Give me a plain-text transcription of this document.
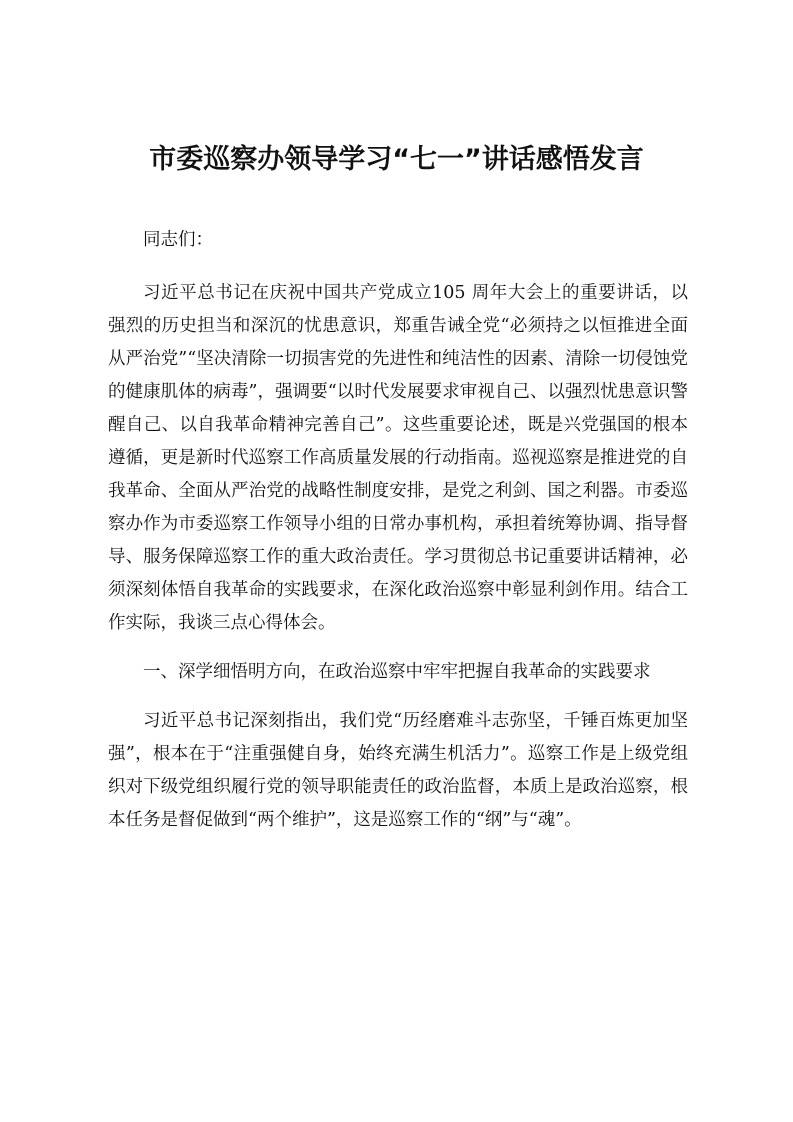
市委巡察办领导学习“七一”讲话感悟发言

同志们：

习近平总书记在庆祝中国共产党成立105 周年大会上的重要讲话，以强烈的历史担当和深沉的忧患意识，郑重告诫全党“必须持之以恒推进全面从严治党”“坚决清除一切损害党的先进性和纯洁性的因素、清除一切侵蚀党的健康肌体的病毒”，强调要“以时代发展要求审视自己、以强烈忧患意识警醒自己、以自我革命精神完善自己”。这些重要论述，既是兴党强国的根本遵循，更是新时代巡察工作高质量发展的行动指南。巡视巡察是推进党的自我革命、全面从严治党的战略性制度安排，是党之利剑、国之利器。市委巡察办作为市委巡察工作领导小组的日常办事机构，承担着统筹协调、指导督导、服务保障巡察工作的重大政治责任。学习贯彻总书记重要讲话精神，必须深刻体悟自我革命的实践要求，在深化政治巡察中彰显利剑作用。结合工作实际，我谈三点心得体会。

一、深学细悟明方向，在政治巡察中牢牢把握自我革命的实践要求

习近平总书记深刻指出，我们党“历经磨难斗志弥坚，千锤百炼更加坚强”，根本在于“注重强健自身，始终充满生机活力”。巡察工作是上级党组织对下级党组织履行党的领导职能责任的政治监督，本质上是政治巡察，根本任务是督促做到“两个维护”，这是巡察工作的“纲”与“魂”。
